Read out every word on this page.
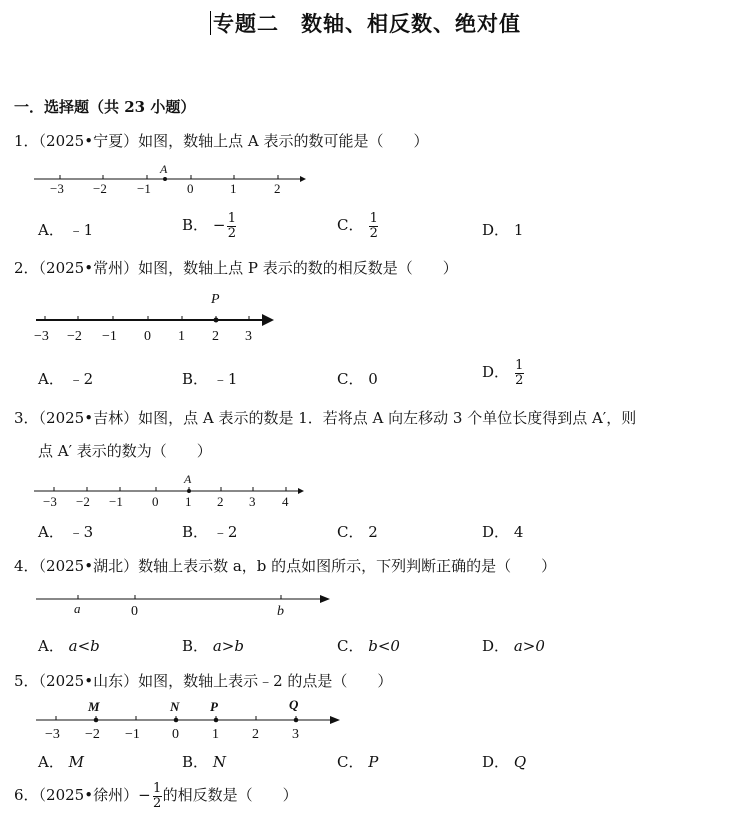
专题二　数轴、相反数、绝对值
一．选择题（共 23 小题）
1．（2025•宁夏）如图，数轴上点 A 表示的数可能是（　　）
A
−3 −2 −1	0	1	2
A． ﹣1	B． − $\frac{1}{2}$	C． $\frac{1}{2}$	D． 1
2．（2025•常州）如图，数轴上点 P 表示的数的相反数是（　　）
P
−3 −2 −1 0 1 2 3
A． ﹣2	B． ﹣1	C． 0	D． $\frac{1}{2}$
3．（2025•吉林）如图，点 A 表示的数是 1．若将点 A 向左移动 3 个单位长度得到点 A′，则
点 A′ 表示的数为（　　）
A
−3 −2 −1 0 1 2 3 4
A． ﹣3	B． ﹣2	C． 2	D． 4
4．（2025•湖北）数轴上表示数 a，b 的点如图所示，下列判断正确的是（　　）
a	0	b
A． a<b	B． a>b	C． b<0	D． a>0
5．（2025•山东）如图，数轴上表示﹣2 的点是（　　）
M	N P	Q
−3 −2 −1 0 1 2 3
A． M	B． N	C． P	D． Q
6．（2025•徐州）− $\frac{1}{2}$ 的相反数是（　　）
